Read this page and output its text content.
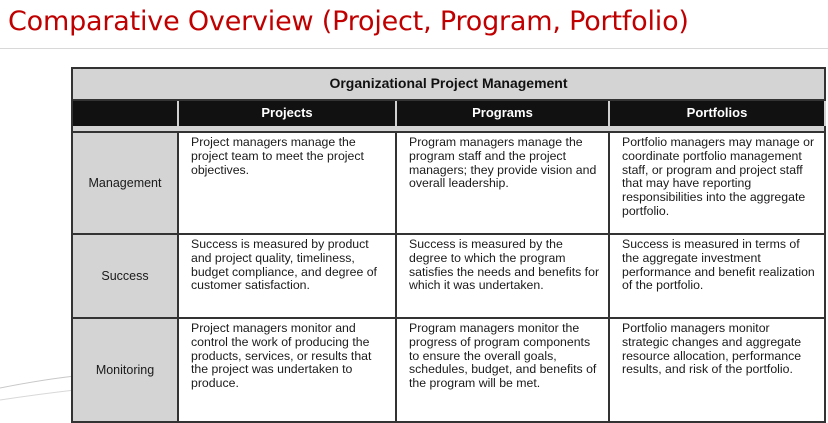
Comparative Overview (Project, Program, Portfolio)
Organizational Project Management			
	Projects	Programs	Portfolios

Management	Project managers manage the project team to meet the project objectives.	Program managers manage the program staff and the project managers; they provide vision and overall leadership.	Portfolio managers may manage or coordinate portfolio management staff, or program and project staff that may have reporting responsibilities into the aggregate portfolio.
Success	Success is measured by product and project quality, timeliness, budget compliance, and degree of customer satisfaction.	Success is measured by the degree to which the program satisfies the needs and benefits for which it was undertaken.	Success is measured in terms of the aggregate investment performance and benefit realization of the portfolio.
Monitoring	Project managers monitor and control the work of producing the products, services, or results that the project was undertaken to produce.	Program managers monitor the progress of program components to ensure the overall goals, schedules, budget, and benefits of the program will be met.	Portfolio managers monitor strategic changes and aggregate resource allocation, performance results, and risk of the portfolio.
